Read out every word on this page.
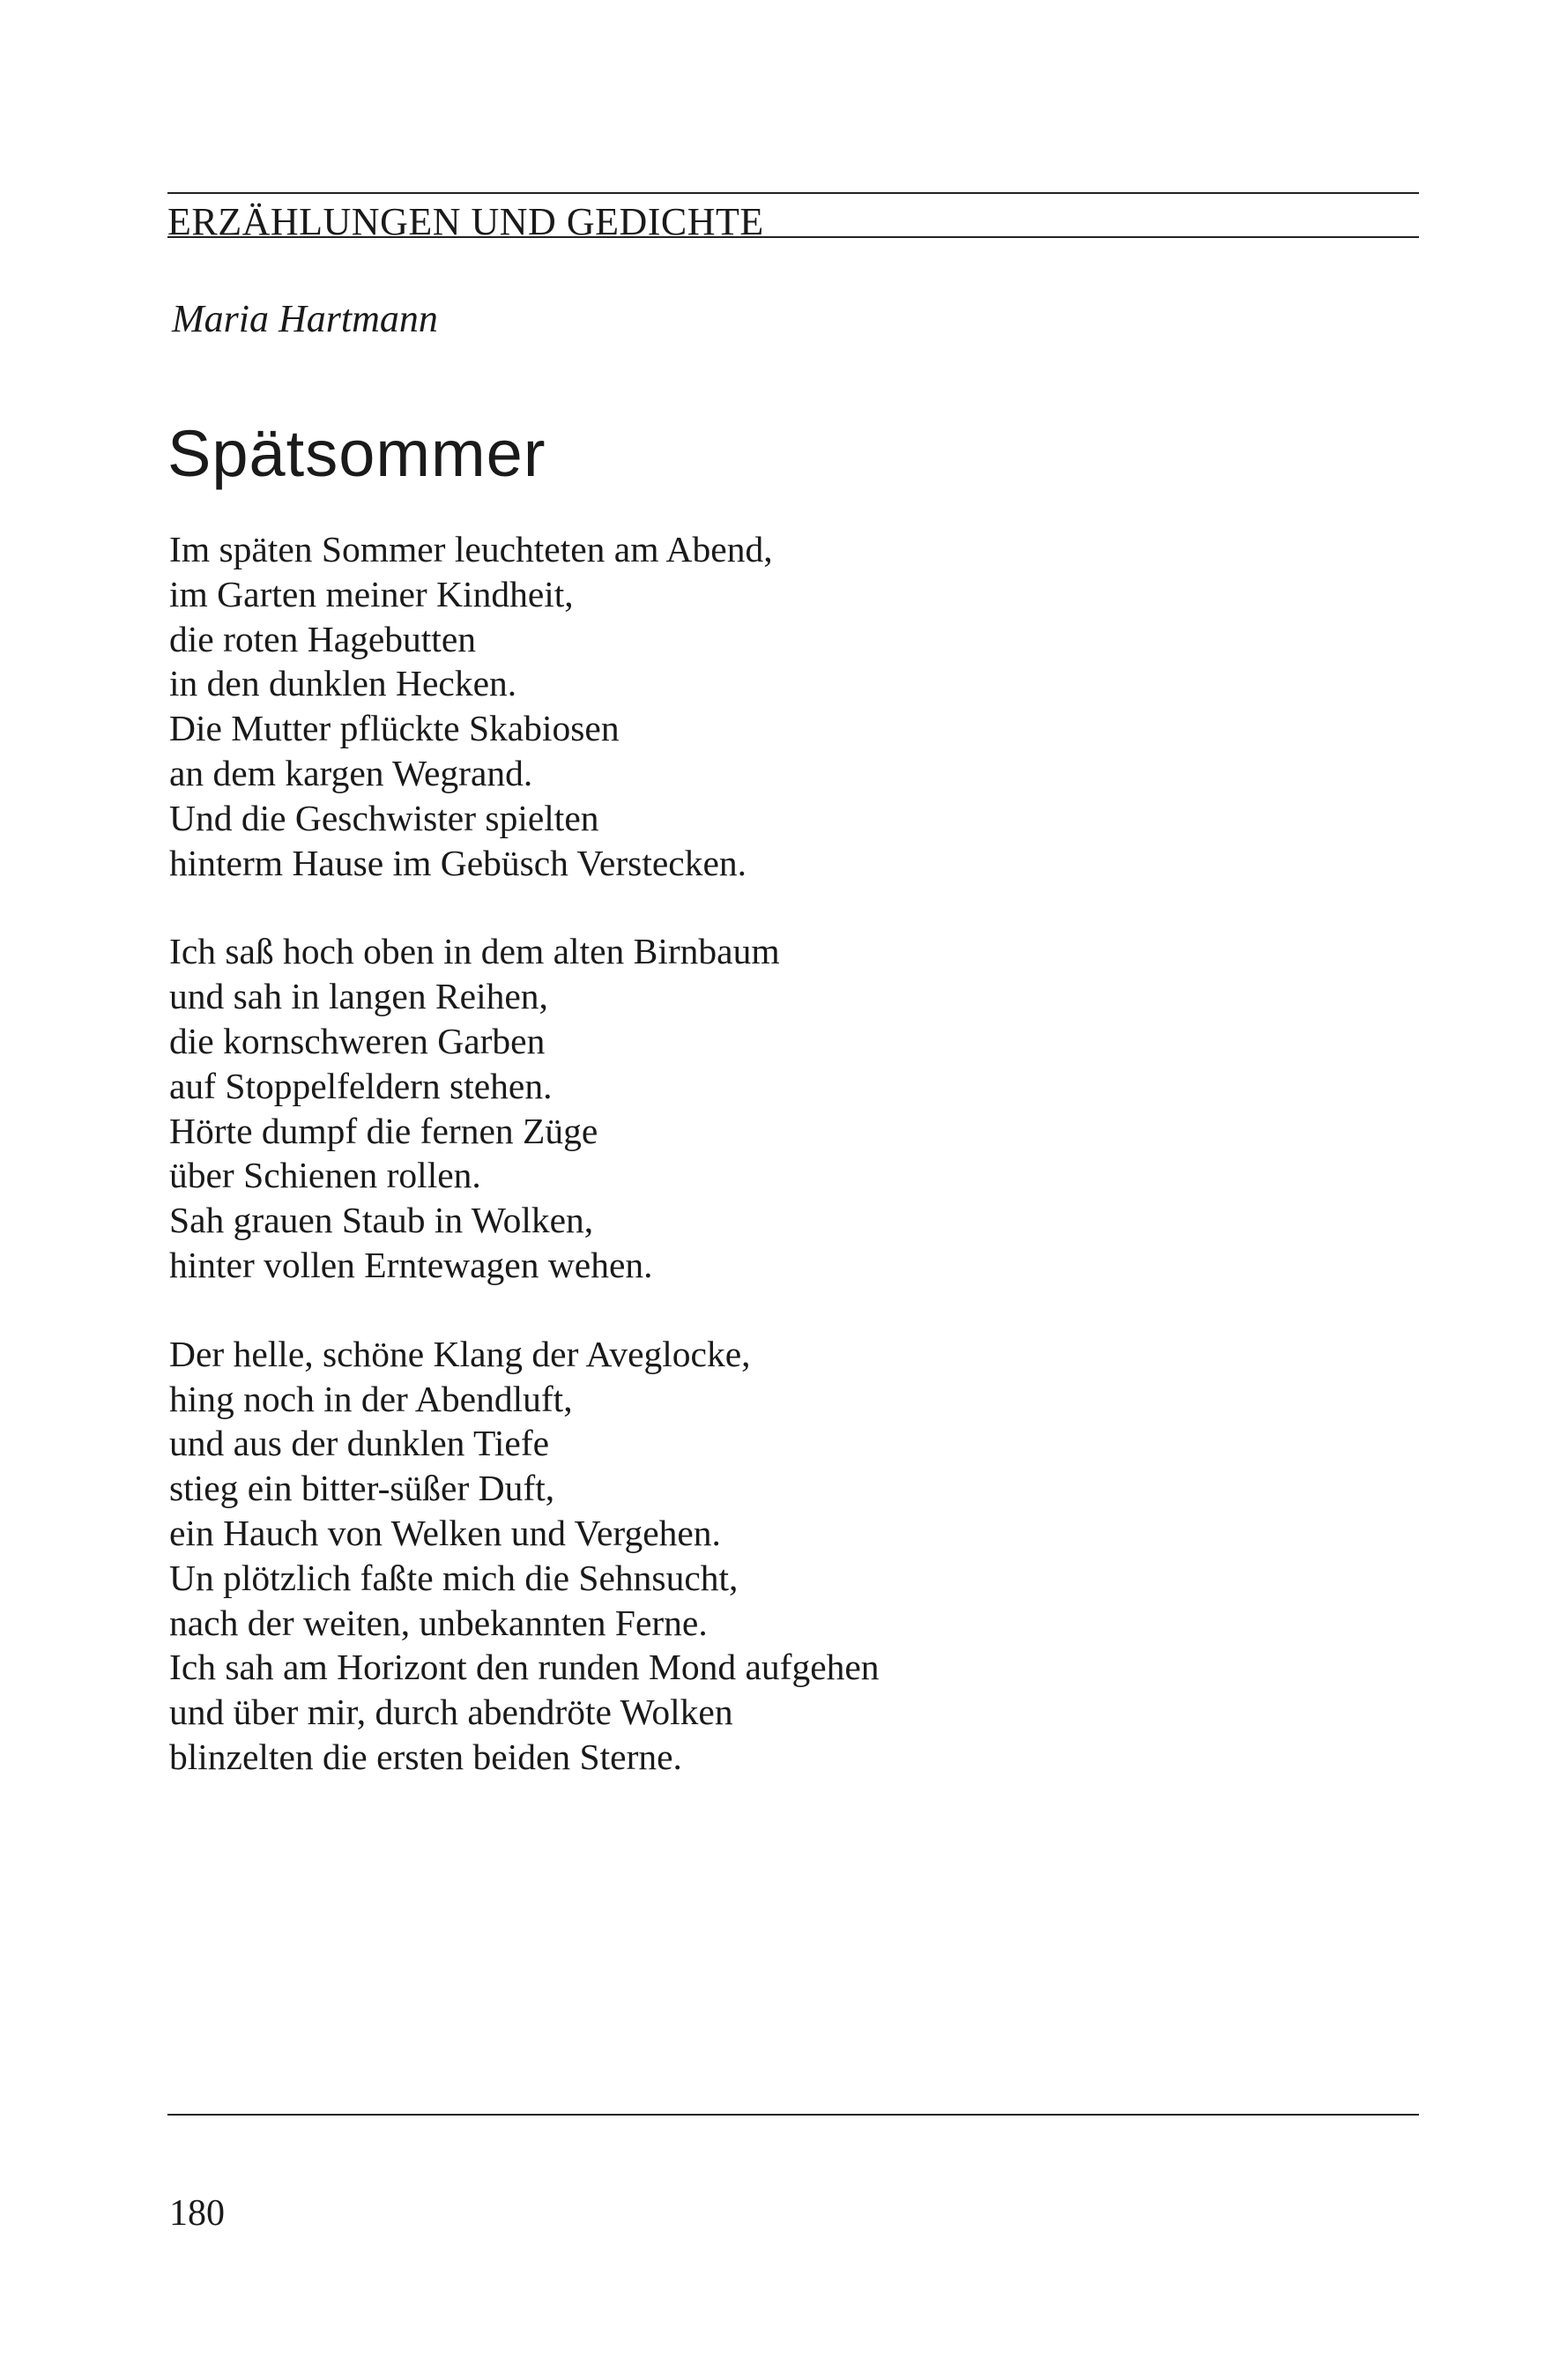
ERZÄHLUNGEN UND GEDICHTE
Maria Hartmann
Spätsommer
Im späten Sommer leuchteten am Abend,
im Garten meiner Kindheit,
die roten Hagebutten
in den dunklen Hecken.
Die Mutter pflückte Skabiosen
an dem kargen Wegrand.
Und die Geschwister spielten
hinterm Hause im Gebüsch Verstecken.
Ich saß hoch oben in dem alten Birnbaum
und sah in langen Reihen,
die kornschweren Garben
auf Stoppelfeldern stehen.
Hörte dumpf die fernen Züge
über Schienen rollen.
Sah grauen Staub in Wolken,
hinter vollen Erntewagen wehen.
Der helle, schöne Klang der Aveglocke,
hing noch in der Abendluft,
und aus der dunklen Tiefe
stieg ein bitter-süßer Duft,
ein Hauch von Welken und Vergehen.
Un plötzlich faßte mich die Sehnsucht,
nach der weiten, unbekannten Ferne.
Ich sah am Horizont den runden Mond aufgehen
und über mir, durch abendröte Wolken
blinzelten die ersten beiden Sterne.
180
